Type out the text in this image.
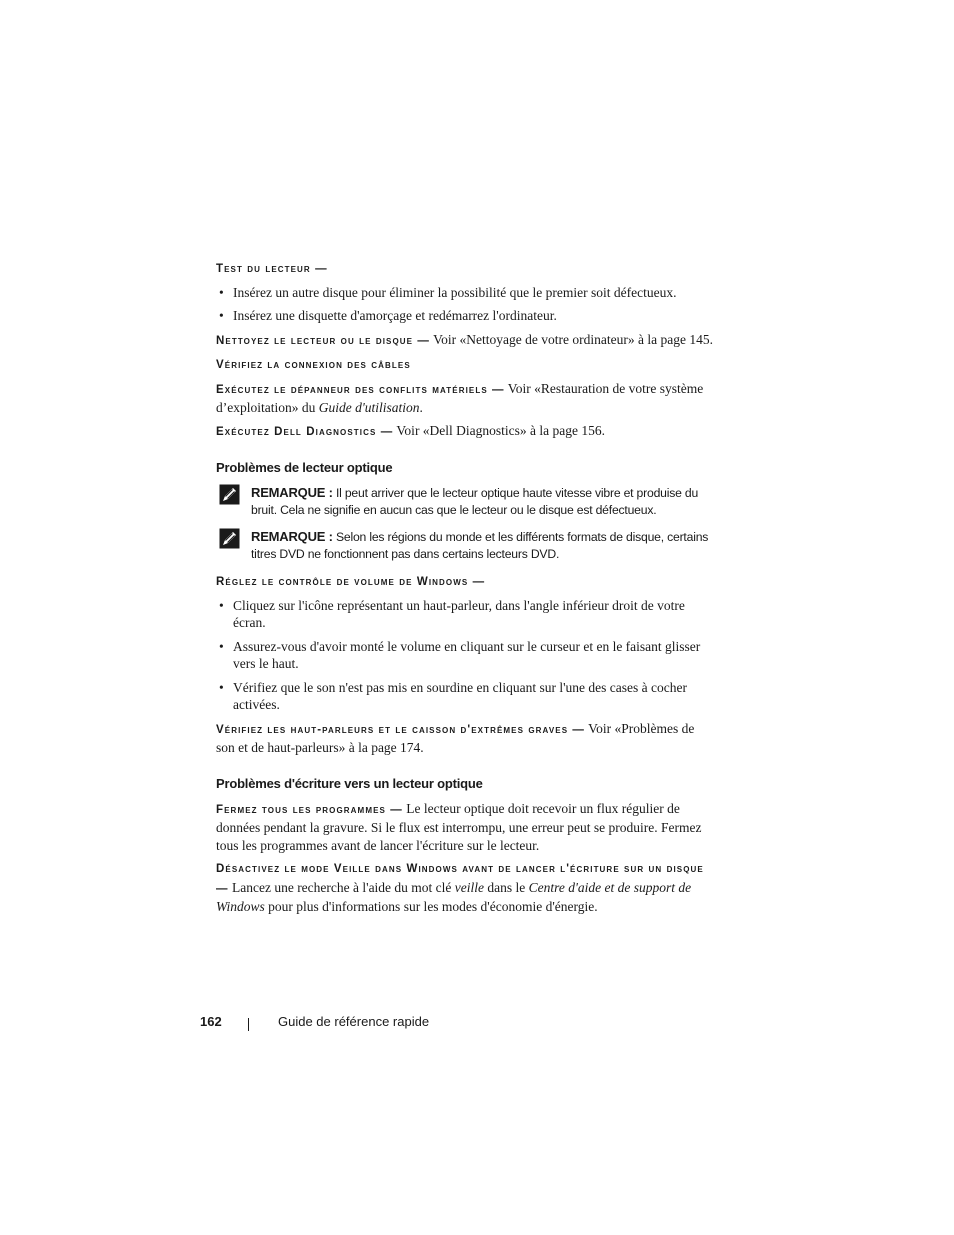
Test du lecteur —

• Insérez un autre disque pour éliminer la possibilité que le premier soit défectueux.
• Insérez une disquette d'amorçage et redémarrez l'ordinateur.

Nettoyez le lecteur ou le disque — Voir «Nettoyage de votre ordinateur» à la page 145.

Vérifiez la connexion des câbles

Exécutez le dépanneur des conflits matériels — Voir «Restauration de votre système d’exploitation» du Guide d'utilisation.

Exécutez Dell Diagnostics — Voir «Dell Diagnostics» à la page 156.

Problèmes de lecteur optique
REMARQUE : Il peut arriver que le lecteur optique haute vitesse vibre et produise du bruit. Cela ne signifie en aucun cas que le lecteur ou le disque est défectueux.
REMARQUE : Selon les régions du monde et les différents formats de disque, certains titres DVD ne fonctionnent pas dans certains lecteurs DVD.

Réglez le contrôle de volume de Windows —

• Cliquez sur l'icône représentant un haut-parleur, dans l'angle inférieur droit de votre écran.
• Assurez-vous d'avoir monté le volume en cliquant sur le curseur et en le faisant glisser vers le haut.
• Vérifiez que le son n'est pas mis en sourdine en cliquant sur l'une des cases à cocher activées.

Vérifiez les haut-parleurs et le caisson d'extrêmes graves — Voir «Problèmes de son et de haut-parleurs» à la page 174.

Problèmes d'écriture vers un lecteur optique

Fermez tous les programmes — Le lecteur optique doit recevoir un flux régulier de données pendant la gravure. Si le flux est interrompu, une erreur peut se produire. Fermez tous les programmes avant de lancer l'écriture sur le lecteur.

Désactivez le mode Veille dans Windows avant de lancer l'écriture sur un disque — Lancez une recherche à l'aide du mot clé veille dans le Centre d'aide et de support de Windows pour plus d'informations sur les modes d'économie d'énergie.

162	Guide de référence rapide
